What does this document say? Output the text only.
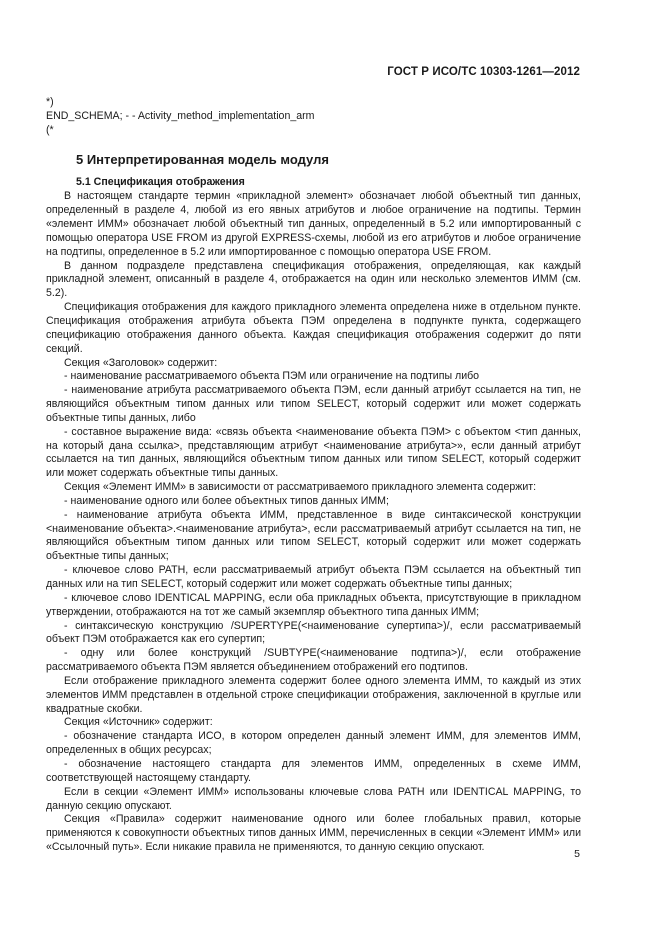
ГОСТ Р ИСО/ТС 10303-1261—2012

*)

END_SCHEMA; - - Activity_method_implementation_arm

(*

5 Интерпретированная модель модуля

5.1 Спецификация отображения

В настоящем стандарте термин «прикладной элемент» обозначает любой объектный тип данных, определенный в разделе 4, любой из его явных атрибутов и любое ограничение на подтипы. Термин «элемент ИММ» обозначает любой объектный тип данных, определенный в 5.2 или импортированный с помощью оператора USE FROM из другой EXPRESS-схемы, любой из его атрибутов и любое ограничение на подтипы, определенное в 5.2 или импортированное с помощью оператора USE FROM.

В данном подразделе представлена спецификация отображения, определяющая, как каждый прикладной элемент, описанный в разделе 4, отображается на один или несколько элементов ИММ (см. 5.2).

Спецификация отображения для каждого прикладного элемента определена ниже в отдельном пункте. Спецификация отображения атрибута объекта ПЭМ определена в подпункте пункта, содержащего спецификацию отображения данного объекта. Каждая спецификация отображения содержит до пяти секций.

Секция «Заголовок» содержит:

- наименование рассматриваемого объекта ПЭМ или ограничение на подтипы либо

- наименование атрибута рассматриваемого объекта ПЭМ, если данный атрибут ссылается на тип, не являющийся объектным типом данных или типом SELECT, который содержит или может содержать объектные типы данных, либо

- составное выражение вида: «связь объекта <наименование объекта ПЭМ> с объектом <тип данных, на который дана ссылка>, представляющим атрибут <наименование атрибута>», если данный атрибут ссылается на тип данных, являющийся объектным типом данных или типом SELECT, который содержит или может содержать объектные типы данных.

Секция «Элемент ИММ» в зависимости от рассматриваемого прикладного элемента содержит:

- наименование одного или более объектных типов данных ИММ;

- наименование атрибута объекта ИММ, представленное в виде синтаксической конструкции <наименование объекта>.<наименование атрибута>, если рассматриваемый атрибут ссылается на тип, не являющийся объектным типом данных или типом SELECT, который содержит или может содержать объектные типы данных;

- ключевое слово PATH, если рассматриваемый атрибут объекта ПЭМ ссылается на объектный тип данных или на тип SELECT, который содержит или может содержать объектные типы данных;

- ключевое слово IDENTICAL MAPPING, если оба прикладных объекта, присутствующие в прикладном утверждении, отображаются на тот же самый экземпляр объектного типа данных ИММ;

- синтаксическую конструкцию /SUPERTYPE(<наименование супертипа>)/, если рассматриваемый объект ПЭМ отображается как его супертип;

- одну или более конструкций /SUBTYPE(<наименование подтипа>)/, если отображение рассматриваемого объекта ПЭМ является объединением отображений его подтипов.

Если отображение прикладного элемента содержит более одного элемента ИММ, то каждый из этих элементов ИММ представлен в отдельной строке спецификации отображения, заключенной в круглые или квадратные скобки.

Секция «Источник» содержит:

- обозначение стандарта ИСО, в котором определен данный элемент ИММ, для элементов ИММ, определенных в общих ресурсах;

- обозначение настоящего стандарта для элементов ИММ, определенных в схеме ИММ, соответствующей настоящему стандарту.

Если в секции «Элемент ИММ» использованы ключевые слова PATH или IDENTICAL MAPPING, то данную секцию опускают.

Секция «Правила» содержит наименование одного или более глобальных правил, которые применяются к совокупности объектных типов данных ИММ, перечисленных в секции «Элемент ИММ» или «Ссылочный путь». Если никакие правила не применяются, то данную секцию опускают.

5
